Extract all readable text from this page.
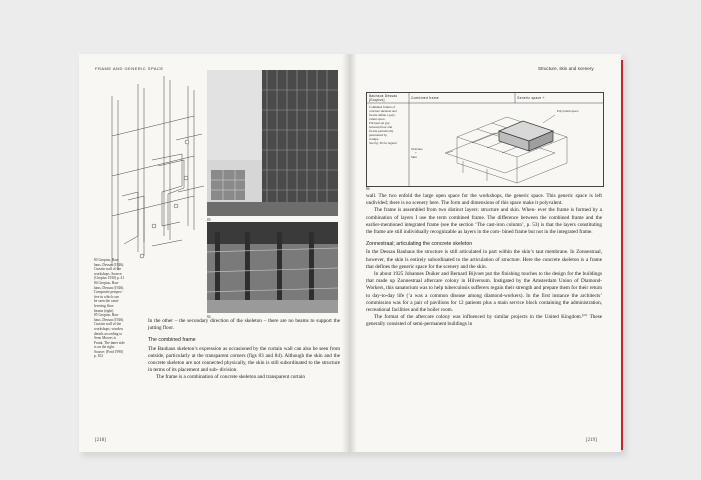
FRAME AND GENERIC SPACE
85
84
83 Gropius, Bau-
haus, Dessau (1926).
Curtain wall of the
workshops. Source:
(Gropius 1930) p. 41
84 Gropius, Bau-
haus, Dessau (1926).
Composite perspec-
tive in which can
be seen the canti-
levering floor
beams (right)
85 Gropius, Bau-
haus, Dessau (1926).
Curtain wall of the
workshops; window
details according to
Sven Mowes is
Frank. The inner side
is on the right.
Source: (Ford 1990)
p. 102

In the other – the secondary direction of the skeleton – there are no beams to support the jutting floor.

The combined frame

The Bauhaus skeleton’s expression as occasioned by the curtain wall can also be seen from outside, particularly at the transparent corners (figs 83 and 84). Although the skin and the concrete skeleton are not connected physically, the skin is still subordinated to the structure in terms of its placement and sub- division.

The frame is a combination of concrete skeleton and transparent curtain

[218]
Structure, skin and scenery
Bauhaus Dessau
[Gropius]	Combined frame	Generic space +
Combined frames of
concrete skeleton and
facade define a poly-
valent space.
Encloses an gap
between floor and
facade periodically
punctuated by
cramps.
See fig. 36 for legend
Polyvalent space
Structure
+
Skin
86

wall. The two enfold the large open space for the workshops, the generic space. This generic space is left undivided; there is no scenery here. The form and dimensions of this space make it polyvalent.

The frame is assembled from two distinct layers: structure and skin. When- ever the frame is formed by a combination of layers I use the term combined frame. The difference between the combined frame and the earlier-mentioned integrated frame (see the section ‘The cast-iron column’, p. 53) is that the layers constituting the frame are still individually recognizable as layers in the com- bined frame but not in the integrated frame.

Zonnestraal; articulating the concrete skeleton

In the Dessau Bauhaus the structure is still articulated in part within the skin’s taut membrane. In Zonnestraal, however, the skin is entirely subordinated to the articulation of structure. Here the concrete skeleton is a frame that defines the generic space for the scenery and the skin.

In about 1925 Johannes Duiker and Bernard Bijvoet put the finishing touches to the design for the buildings that made up Zonnestraal aftercare colony in Hilversum. Instigated by the Amsterdam Union of Diamond-Workers, this sanatorium was to help tuberculosis sufferers regain their strength and prepare them for their return to day-to-day life (’a was a common disease among diamond-workers). In the first instance the architects’ commission was for a pair of pavilions for 12 patients plus a main service block containing the administration, recreational facilities and the boiler room.

The format of the aftercare colony was influenced by similar projects in the United Kingdom.¹⁰⁷ These generally consisted of semi-permanent buildings in

[219]
